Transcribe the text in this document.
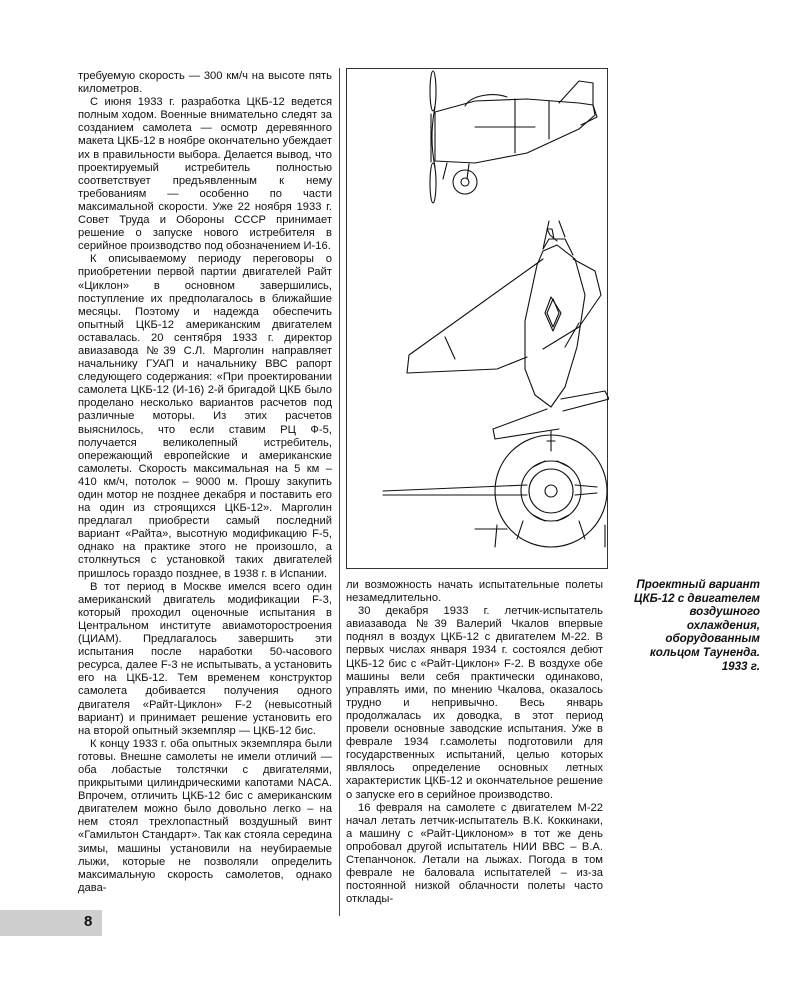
требуемую скорость — 300 км/ч на высоте пять километров.

С июня 1933 г. разработка ЦКБ-12 ведется полным ходом. Военные внимательно следят за созданием самолета — осмотр деревянного макета ЦКБ-12 в ноябре окончательно убеждает их в правильности выбора. Делается вывод, что проектируемый истребитель полностью соответствует предъявленным к нему требованиям — особенно по части максимальной скорости. Уже 22 ноября 1933 г. Совет Труда и Обороны СССР принимает решение о запуске нового истребителя в серийное производство под обозначением И-16.

К описываемому периоду переговоры о приобретении первой партии двигателей Райт «Циклон» в основном завершились, поступление их предполагалось в ближайшие месяцы. Поэтому и надежда обеспечить опытный ЦКБ-12 американским двигателем оставалась. 20 сентября 1933 г. директор авиазавода №39 С.Л. Марголин направляет начальнику ГУАП и начальнику ВВС рапорт следующего содержания: «При проектировании самолета ЦКБ-12 (И-16) 2-й бригадой ЦКБ было проделано несколько вариантов расчетов под различные моторы. Из этих расчетов выяснилось, что если ставим РЦ Ф-5, получается великолепный истребитель, опережающий европейские и американские самолеты. Скорость максимальная на 5 км – 410 км/ч, потолок – 9000 м. Прошу закупить один мотор не позднее декабря и поставить его на один из строящихся ЦКБ-12». Марголин предлагал приобрести самый последний вариант «Райта», высотную модификацию F-5, однако на практике этого не произошло, а столкнуться с установкой таких двигателей пришлось гораздо позднее, в 1938 г. в Испании.

В тот период в Москве имелся всего один американский двигатель модификации F-3, который проходил оценочные испытания в Центральном институте авиамоторостроения (ЦИАМ). Предлагалось завершить эти испытания после наработки 50-часового ресурса, далее F-3 не испытывать, а установить его на ЦКБ-12. Тем временем конструктор самолета добивается получения одного двигателя «Райт-Циклон» F-2 (невысотный вариант) и принимает решение установить его на второй опытный экземпляр — ЦКБ-12 бис.

К концу 1933 г. оба опытных экземпляра были готовы. Внешне самолеты не имели отличий — оба лобастые толстячки с двигателями, прикрытыми цилиндрическими капотами NACA. Впрочем, отличить ЦКБ-12 бис с американским двигателем можно было довольно легко – на нем стоял трехлопастный воздушный винт «Гамильтон Стандарт». Так как стояла середина зимы, машины установили на неубираемые лыжи, которые не позволяли определить максимальную скорость самолетов, однако дава-

ли возможность начать испытательные полеты незамедлительно.

30 декабря 1933 г. летчик-испытатель авиазавода №39 Валерий Чкалов впервые поднял в воздух ЦКБ-12 с двигателем М-22. В первых числах января 1934 г. состоялся дебют ЦКБ-12 бис с «Райт-Циклон» F-2. В воздухе обе машины вели себя практически одинаково, управлять ими, по мнению Чкалова, оказалось трудно и непривычно. Весь январь продолжалась их доводка, в этот период провели основные заводские испытания. Уже в феврале 1934 г.самолеты подготовили для государственных испытаний, целью которых являлось определение основных летных характеристик ЦКБ-12 и окончательное решение о запуске его в серийное производство.

16 февраля на самолете с двигателем М-22 начал летать летчик-испытатель В.К. Коккинаки, а машину с «Райт-Циклоном» в тот же день опробовал другой испытатель НИИ ВВС – В.А. Степанчонок. Летали на лыжах. Погода в том феврале не баловала испытателей – из-за постоянной низкой облачности полеты часто отклады-

Проектный вариант ЦКБ-12 с двигателем воздушного охлаждения, оборудованным кольцом Таунендa. 1933 г.
8
